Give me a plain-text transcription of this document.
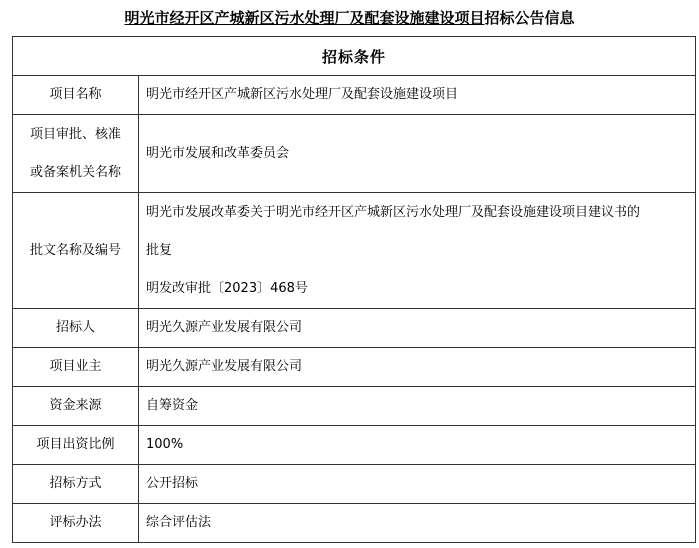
明光市经开区产城新区污水处理厂及配套设施建设项目招标公告信息
招标条件	
项目名称	明光市经开区产城新区污水处理厂及配套设施建设项目

项目审批、核准
或备案机关名称	明光市发展和改革委员会
批文名称及编号	明光市发展改革委关于明光市经开区产城新区污水处理厂及配套设施建设项目建议书的
批复
明发改审批〔2023〕468号

招标人	明光久源产业发展有限公司
项目业主	明光久源产业发展有限公司
资金来源	自筹资金
项目出资比例	100%
招标方式	公开招标
评标办法	综合评估法
